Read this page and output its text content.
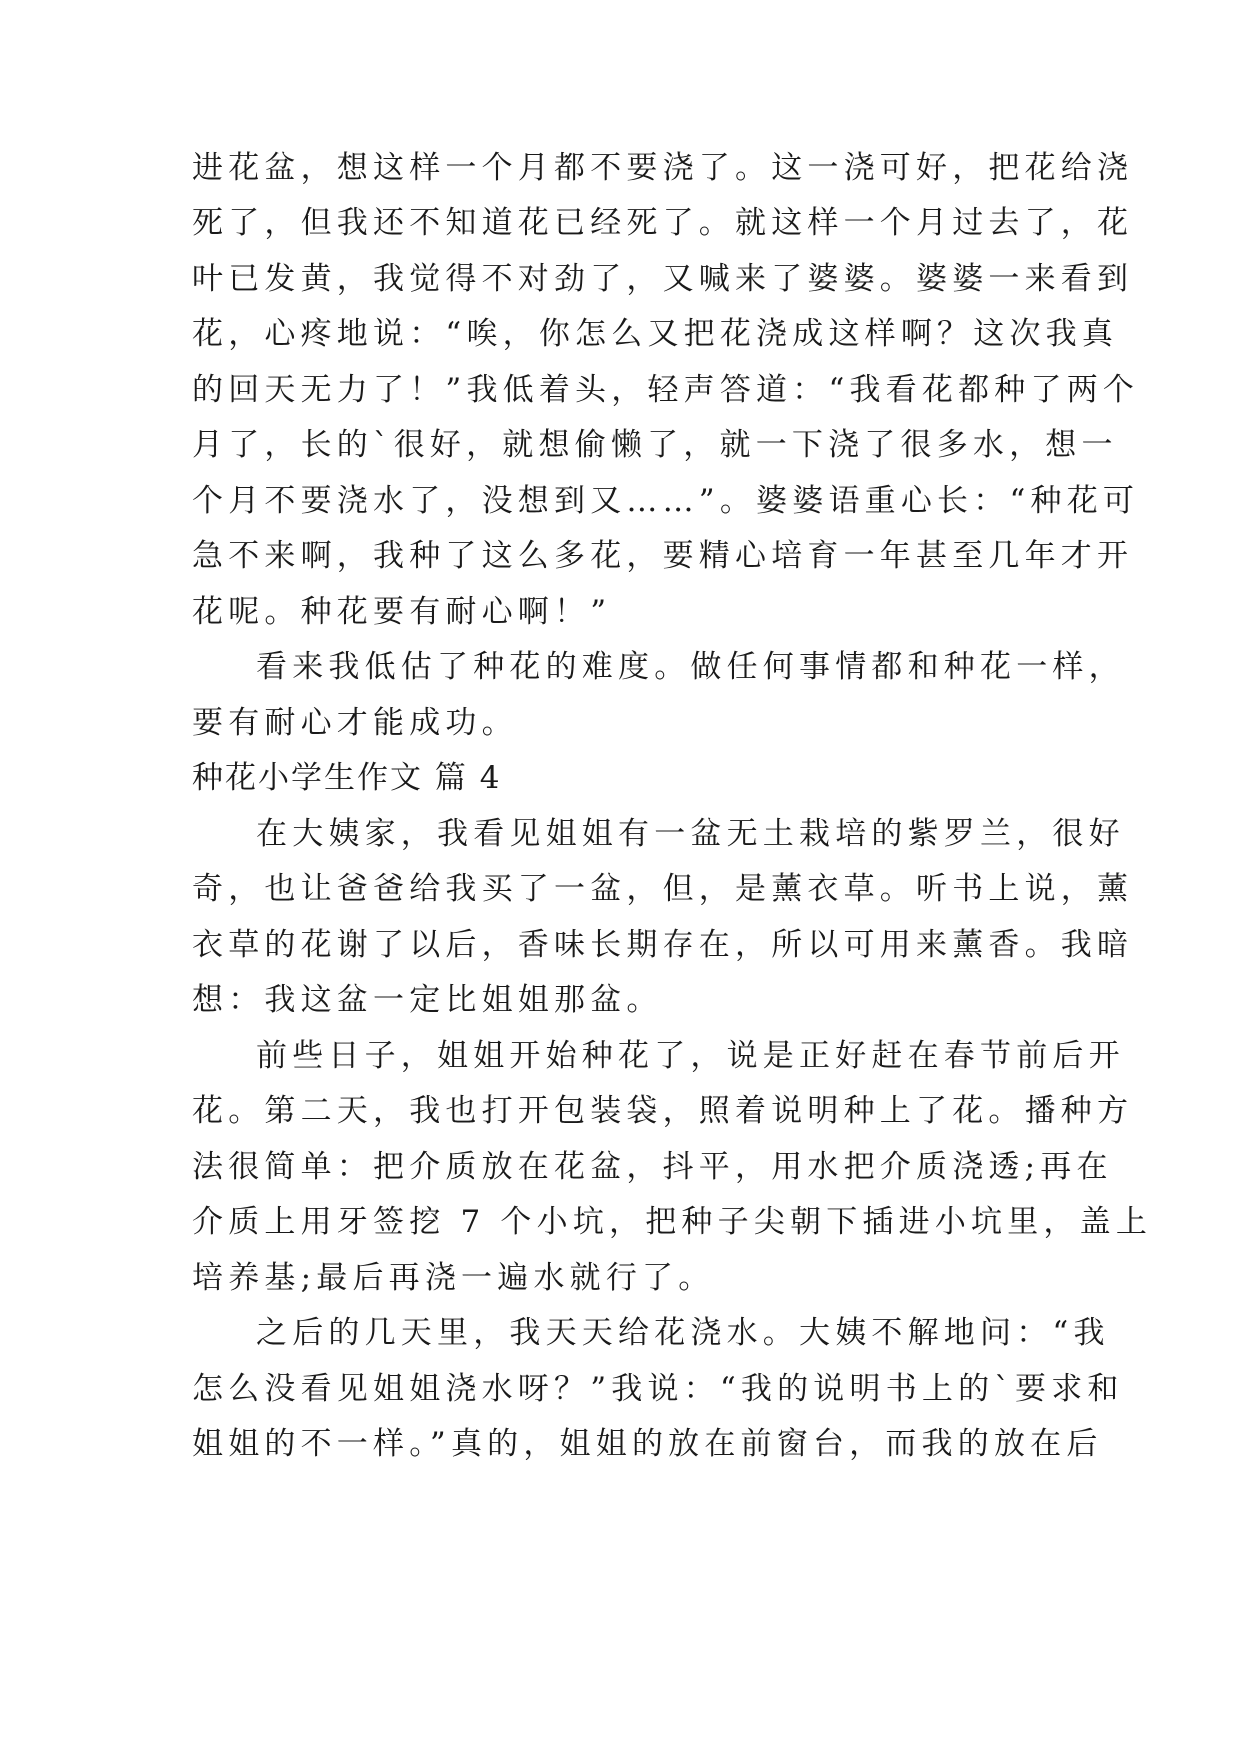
进花盆，想这样一个月都不要浇了。这一浇可好，把花给浇
死了，但我还不知道花已经死了。就这样一个月过去了，花
叶已发黄，我觉得不对劲了，又喊来了婆婆。婆婆一来看到
花，心疼地说：“唉，你怎么又把花浇成这样啊？这次我真
的回天无力了！”我低着头，轻声答道：“我看花都种了两个
月了，长的`很好，就想偷懒了，就一下浇了很多水，想一
个月不要浇水了，没想到又……”。婆婆语重心长：“种花可
急不来啊，我种了这么多花，要精心培育一年甚至几年才开
花呢。种花要有耐心啊！”
看来我低估了种花的难度。做任何事情都和种花一样，
要有耐心才能成功。
种花小学生作文 篇 4
在大姨家，我看见姐姐有一盆无土栽培的紫罗兰，很好
奇，也让爸爸给我买了一盆，但，是薰衣草。听书上说，薰
衣草的花谢了以后，香味长期存在，所以可用来薰香。我暗
想：我这盆一定比姐姐那盆。
前些日子，姐姐开始种花了，说是正好赶在春节前后开
花。第二天，我也打开包装袋，照着说明种上了花。播种方
法很简单：把介质放在花盆，抖平，用水把介质浇透;再在
介质上用牙签挖 7 个小坑，把种子尖朝下插进小坑里，盖上
培养基;最后再浇一遍水就行了。
之后的几天里，我天天给花浇水。大姨不解地问：“我
怎么没看见姐姐浇水呀？”我说：“我的说明书上的`要求和
姐姐的不一样。”真的，姐姐的放在前窗台，而我的放在后
